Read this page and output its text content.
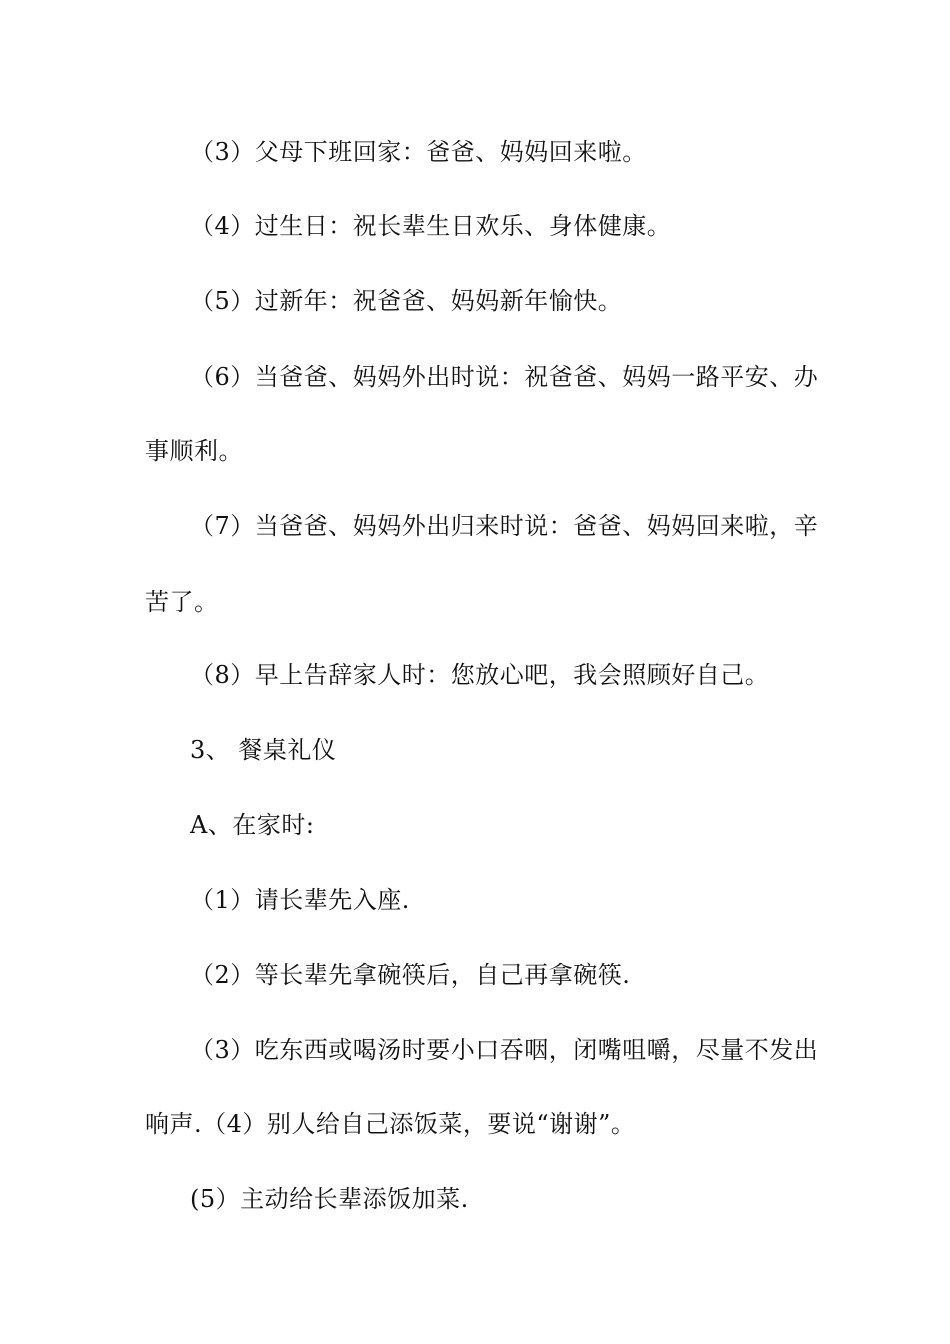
（3）父母下班回家：爸爸、妈妈回来啦。

（4）过生日：祝长辈生日欢乐、身体健康。

（5）过新年：祝爸爸、妈妈新年愉快。

（6）当爸爸、妈妈外出时说：祝爸爸、妈妈一路平安、办

事顺利。

（7）当爸爸、妈妈外出归来时说：爸爸、妈妈回来啦，辛

苦了。

（8）早上告辞家人时：您放心吧，我会照顾好自己。

3、 餐桌礼仪

A、在家时:

（1）请长辈先入座.

（2）等长辈先拿碗筷后，自己再拿碗筷.

（3）吃东西或喝汤时要小口吞咽，闭嘴咀嚼，尽量不发出

响声.（4）别人给自己添饭菜，要说“谢谢”。

(5）主动给长辈添饭加菜.
